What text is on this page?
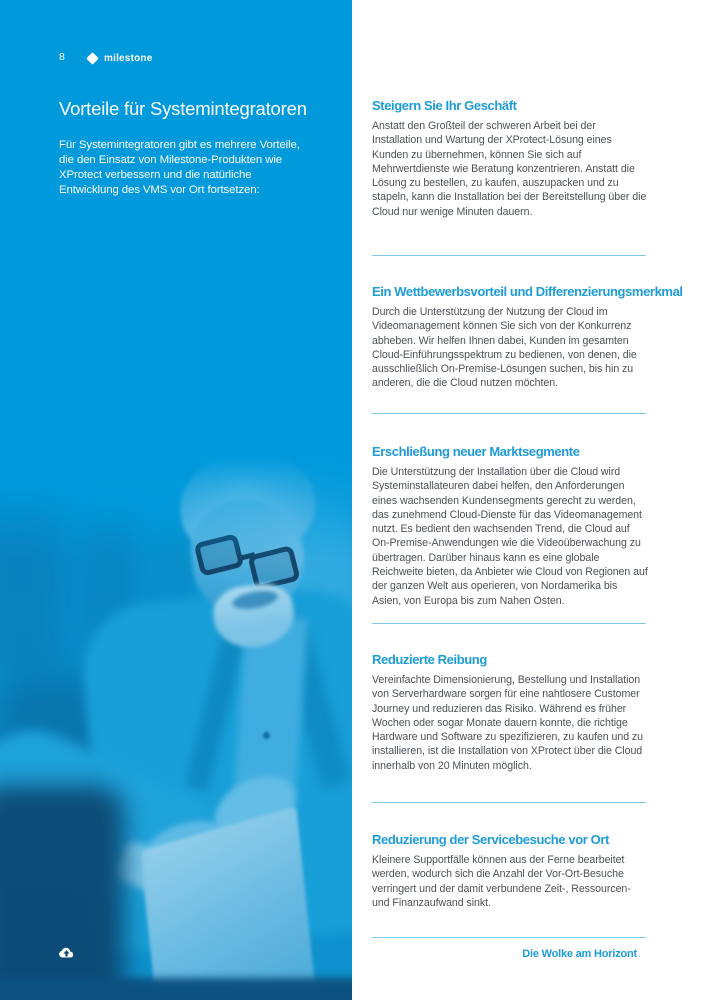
8	milestone
Vorteile für Systemintegratoren
Für Systemintegratoren gibt es mehrere Vorteile, die den Einsatz von Milestone-Produkten wie XProtect verbessern und die natürliche Entwicklung des VMS vor Ort fortsetzen:
Steigern Sie Ihr Geschäft

Anstatt den Großteil der schweren Arbeit bei der Installation und Wartung der XProtect-Lösung eines Kunden zu übernehmen, können Sie sich auf Mehrwertdienste wie Beratung konzentrieren. Anstatt die Lösung zu bestellen, zu kaufen, auszupacken und zu stapeln, kann die Installation bei der Bereitstellung über die Cloud nur wenige Minuten dauern.

Ein Wettbewerbsvorteil und Differenzierungsmerkmal

Durch die Unterstützung der Nutzung der Cloud im Videomanagement können Sie sich von der Konkurrenz abheben. Wir helfen Ihnen dabei, Kunden im gesamten Cloud-Einführungsspektrum zu bedienen, von denen, die ausschließlich On-Premise-Lösungen suchen, bis hin zu anderen, die die Cloud nutzen möchten.

Erschließung neuer Marktsegmente

Die Unterstützung der Installation über die Cloud wird Systeminstallateuren dabei helfen, den Anforderungen eines wachsenden Kundensegments gerecht zu werden, das zunehmend Cloud-Dienste für das Videomanagement nutzt. Es bedient den wachsenden Trend, die Cloud auf On-Premise-Anwendungen wie die Videoüberwachung zu übertragen. Darüber hinaus kann es eine globale Reichweite bieten, da Anbieter wie Cloud von Regionen auf der ganzen Welt aus operieren, von Nordamerika bis Asien, von Europa bis zum Nahen Osten.

Reduzierte Reibung

Vereinfachte Dimensionierung, Bestellung und Installation von Serverhardware sorgen für eine nahtlosere Customer Journey und reduzieren das Risiko. Während es früher Wochen oder sogar Monate dauern konnte, die richtige Hardware und Software zu spezifizieren, zu kaufen und zu installieren, ist die Installation von XProtect über die Cloud innerhalb von 20 Minuten möglich.

Reduzierung der Servicebesuche vor Ort

Kleinere Supportfälle können aus der Ferne bearbeitet werden, wodurch sich die Anzahl der Vor-Ort-Besuche verringert und der damit verbundene Zeit-, Ressourcen- und Finanzaufwand sinkt.

Die Wolke am Horizont
